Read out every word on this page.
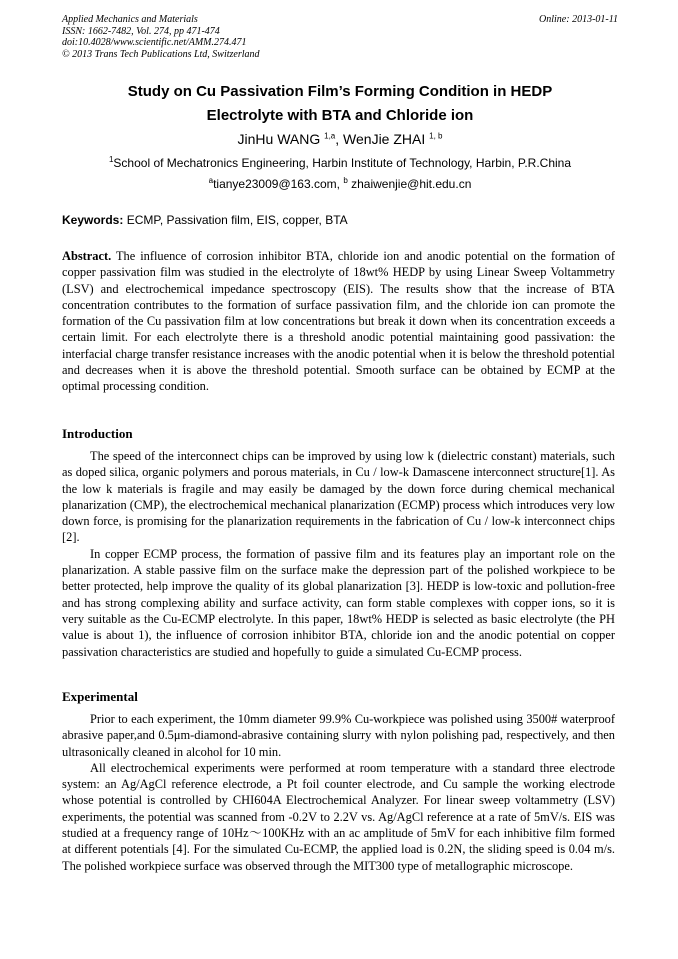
Applied Mechanics and Materials
ISSN: 1662-7482, Vol. 274, pp 471-474
doi:10.4028/www.scientific.net/AMM.274.471
© 2013 Trans Tech Publications Ltd, Switzerland
Online: 2013-01-11
Study on Cu Passivation Film’s Forming Condition in HEDP
Electrolyte with BTA and Chloride ion
JinHu WANG $^{1,a}$, WenJie ZHAI $^{1, b}$
$^1$School of Mechatronics Engineering, Harbin Institute of Technology, Harbin, P.R.China
$^a$tianye23009@163.com, $^b$ zhaiwenjie@hit.edu.cn
Keywords: ECMP, Passivation film, EIS, copper, BTA
Abstract. The influence of corrosion inhibitor BTA, chloride ion and anodic potential on the formation of copper passivation film was studied in the electrolyte of 18wt% HEDP by using Linear Sweep Voltammetry (LSV) and electrochemical impedance spectroscopy (EIS). The results show that the increase of BTA concentration contributes to the formation of surface passivation film, and the chloride ion can promote the formation of the Cu passivation film at low concentrations but break it down when its concentration exceeds a certain limit. For each electrolyte there is a threshold anodic potential maintaining good passivation: the interfacial charge transfer resistance increases with the anodic potential when it is below the threshold potential and decreases when it is above the threshold potential. Smooth surface can be obtained by ECMP at the optimal processing condition.
Introduction

The speed of the interconnect chips can be improved by using low k (dielectric constant) materials, such as doped silica, organic polymers and porous materials, in Cu / low-k Damascene interconnect structure[1]. As the low k materials is fragile and may easily be damaged by the down force during chemical mechanical planarization (CMP), the electrochemical mechanical planarization (ECMP) process which introduces very low down force, is promising for the planarization requirements in the fabrication of Cu / low-k interconnect chips [2].

In copper ECMP process, the formation of passive film and its features play an important role on the planarization. A stable passive film on the surface make the depression part of the polished workpiece to be better protected, help improve the quality of its global planarization [3]. HEDP is low-toxic and pollution-free and has strong complexing ability and surface activity, can form stable complexes with copper ions, so it is very suitable as the Cu-ECMP electrolyte. In this paper, 18wt% HEDP is selected as basic electrolyte (the PH value is about 1), the influence of corrosion inhibitor BTA, chloride ion and the anodic potential on copper passivation characteristics are studied and hopefully to guide a simulated Cu-ECMP process.

Experimental

Prior to each experiment, the 10mm diameter 99.9% Cu-workpiece was polished using 3500# waterproof abrasive paper,and 0.5μm-diamond-abrasive containing slurry with nylon polishing pad, respectively, and then ultrasonically cleaned in alcohol for 10 min.

All electrochemical experiments were performed at room temperature with a standard three electrode system: an Ag/AgCl reference electrode, a Pt foil counter electrode, and Cu sample the working electrode whose potential is controlled by CHI604A Electrochemical Analyzer. For linear sweep voltammetry (LSV) experiments, the potential was scanned from -0.2V to 2.2V vs. Ag/AgCl reference at a rate of 5mV/s. EIS was studied at a frequency range of 10Hz～100KHz with an ac amplitude of 5mV for each inhibitive film formed at different potentials [4]. For the simulated Cu-ECMP, the applied load is 0.2N, the sliding speed is 0.04 m/s. The polished workpiece surface was observed through the MIT300 type of metallographic microscope.
